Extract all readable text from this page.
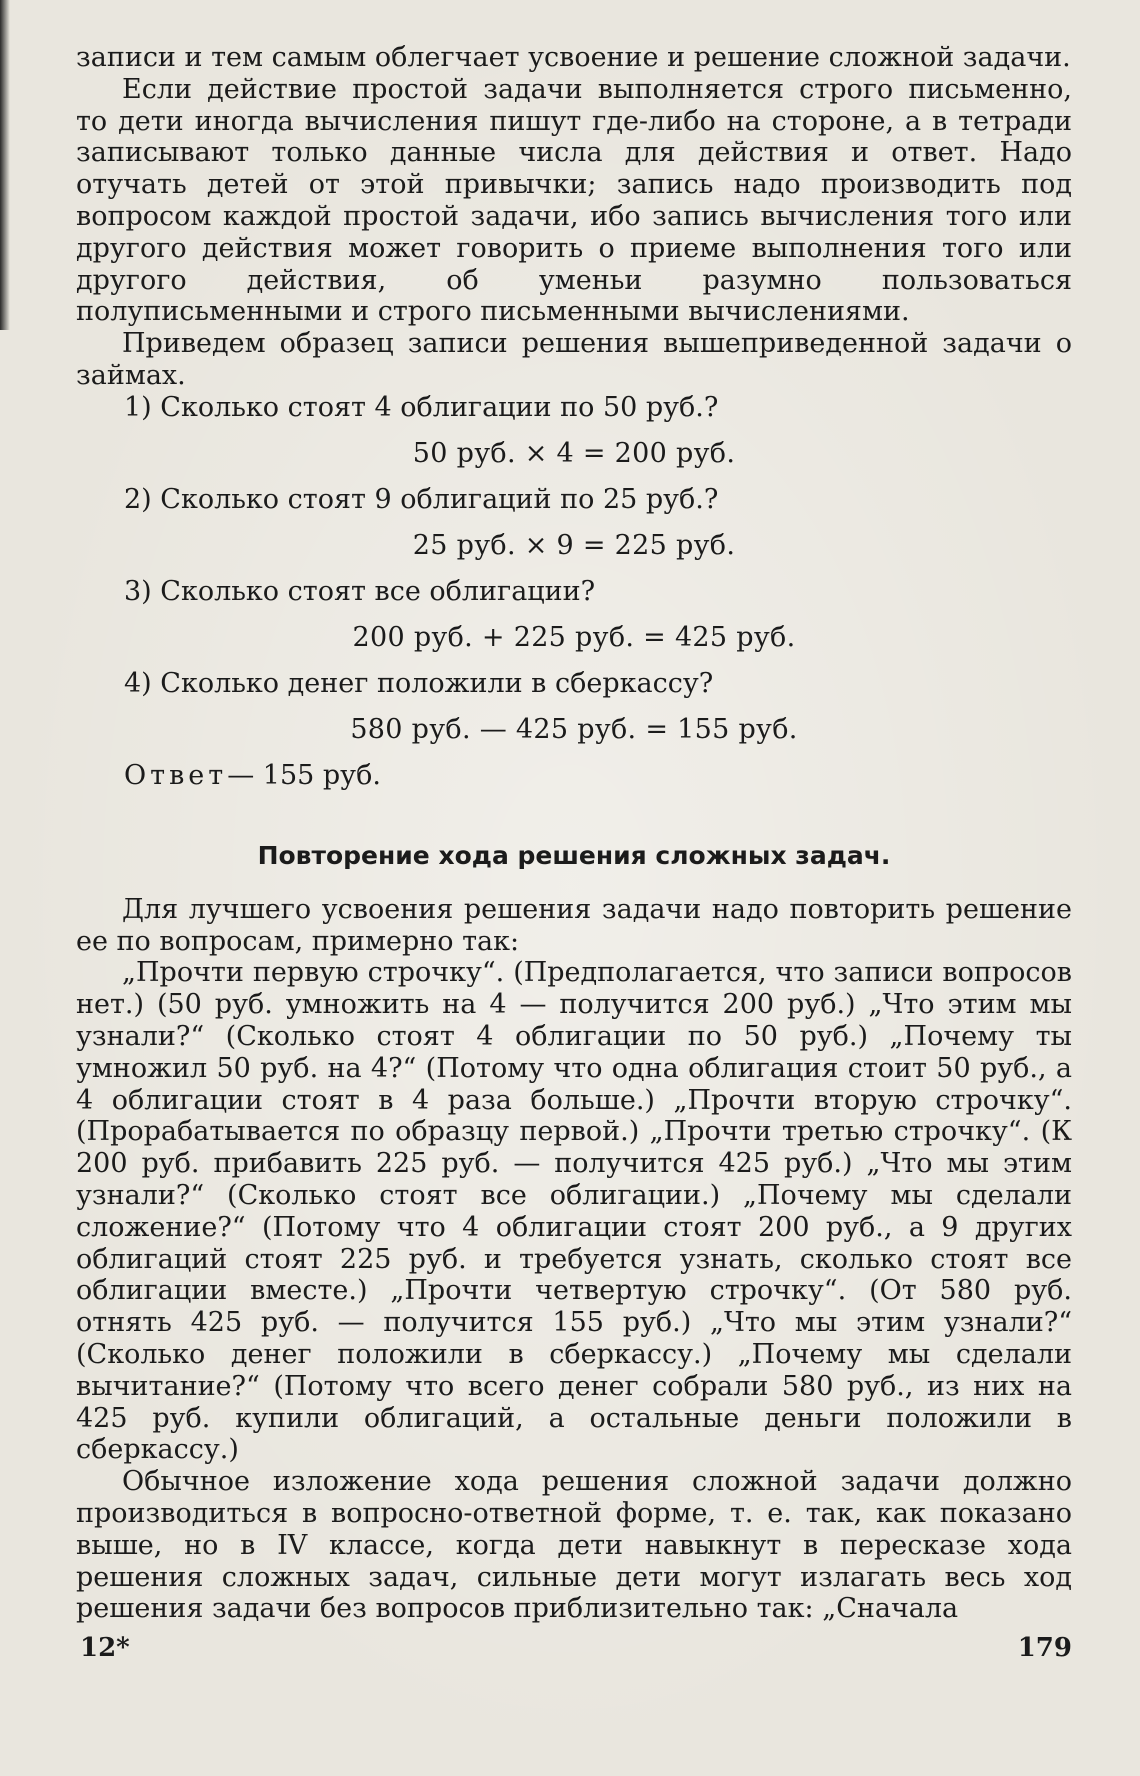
записи и тем самым облегчает усвоение и решение сложной задачи.

Если действие простой задачи выполняется строго письменно, то дети иногда вычисления пишут где-либо на стороне, а в тетради записывают только данные числа для действия и ответ. Надо отучать детей от этой привычки; запись надо производить под вопросом каждой простой задачи, ибо запись вычисления того или другого действия может говорить о приеме выполнения того или другого действия, об уменьи разумно пользоваться полуписьменными и строго письменными вычислениями.

Приведем образец записи решения вышеприведенной задачи о займах.

1) Сколько стоят 4 облигации по 50 руб.?

50 руб. × 4 = 200 руб.

2) Сколько стоят 9 облигаций по 25 руб.?

25 руб. × 9 = 225 руб.

3) Сколько стоят все облигации?

200 руб. + 225 руб. = 425 руб.

4) Сколько денег положили в сберкассу?

580 руб. — 425 руб. = 155 руб.

Ответ— 155 руб.

Повторение хода решения сложных задач.

Для лучшего усвоения решения задачи надо повторить решение ее по вопросам, примерно так:

„Прочти первую строчку“. (Предполагается, что записи вопросов нет.) (50 руб. умножить на 4 — получится 200 руб.) „Что этим мы узнали?“ (Сколько стоят 4 облигации по 50 руб.) „Почему ты умножил 50 руб. на 4?“ (Потому что одна облигация стоит 50 руб., а 4 облигации стоят в 4 раза больше.) „Прочти вторую строчку“. (Прорабатывается по образцу первой.) „Прочти третью строчку“. (К 200 руб. прибавить 225 руб. — получится 425 руб.) „Что мы этим узнали?“ (Сколько стоят все облигации.) „Почему мы сделали сложение?“ (Потому что 4 облигации стоят 200 руб., а 9 других облигаций стоят 225 руб. и требуется узнать, сколько стоят все облигации вместе.) „Прочти четвертую строчку“. (От 580 руб. отнять 425 руб. — получится 155 руб.) „Что мы этим узнали?“ (Сколько денег положили в сберкассу.) „Почему мы сделали вычитание?“ (Потому что всего денег собрали 580 руб., из них на 425 руб. купили облигаций, а остальные деньги положили в сберкассу.)

Обычное изложение хода решения сложной задачи должно производиться в вопросно-ответной форме, т. е. так, как показано выше, но в IV классе, когда дети навыкнут в пересказе хода решения сложных задач, сильные дети могут излагать весь ход решения задачи без вопросов приблизительно так: „Сначала

12*	179
